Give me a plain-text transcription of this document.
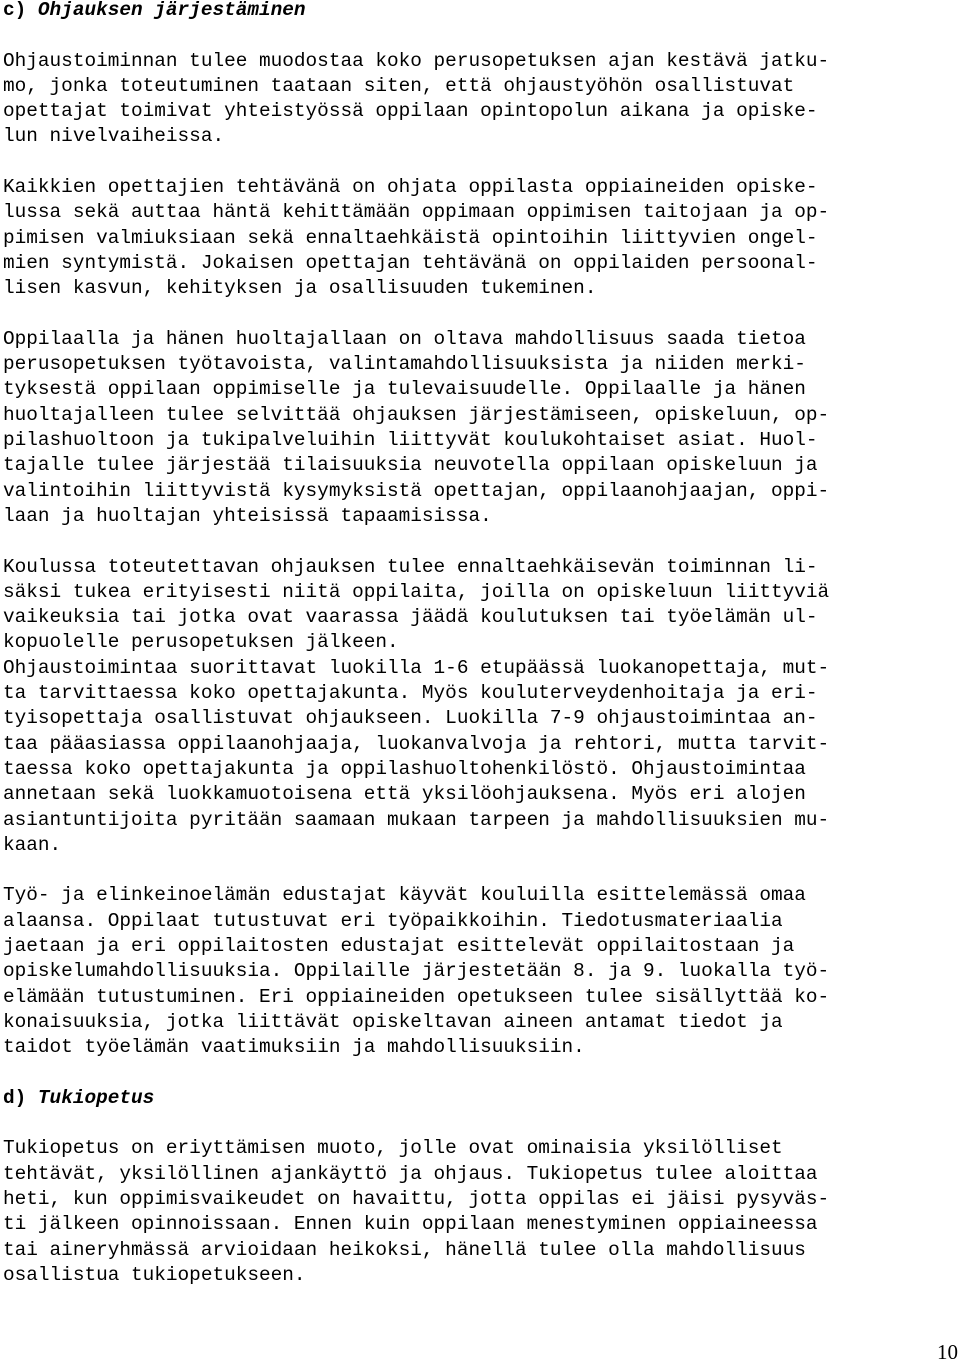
c) Ohjauksen järjestäminen
Ohjaustoiminnan tulee muodostaa koko perusopetuksen ajan kestävä jatku-
mo, jonka toteutuminen taataan siten, että ohjaustyöhön osallistuvat
opettajat toimivat yhteistyössä oppilaan opintopolun aikana ja opiske-
lun nivelvaiheissa.
Kaikkien opettajien tehtävänä on ohjata oppilasta oppiaineiden opiske-
lussa sekä auttaa häntä kehittämään oppimaan oppimisen taitojaan ja op-
pimisen valmiuksiaan sekä ennaltaehkäistä opintoihin liittyvien ongel-
mien syntymistä. Jokaisen opettajan tehtävänä on oppilaiden persoonal-
lisen kasvun, kehityksen ja osallisuuden tukeminen.
Oppilaalla ja hänen huoltajallaan on oltava mahdollisuus saada tietoa
perusopetuksen työtavoista, valintamahdollisuuksista ja niiden merki-
tyksestä oppilaan oppimiselle ja tulevaisuudelle. Oppilaalle ja hänen
huoltajalleen tulee selvittää ohjauksen järjestämiseen, opiskeluun, op-
pilashuoltoon ja tukipalveluihin liittyvät koulukohtaiset asiat. Huol-
tajalle tulee järjestää tilaisuuksia neuvotella oppilaan opiskeluun ja
valintoihin liittyvistä kysymyksistä opettajan, oppilaanohjaajan, oppi-
laan ja huoltajan yhteisissä tapaamisissa.
Koulussa toteutettavan ohjauksen tulee ennaltaehkäisevän toiminnan li-
säksi tukea erityisesti niitä oppilaita, joilla on opiskeluun liittyviä
vaikeuksia tai jotka ovat vaarassa jäädä koulutuksen tai työelämän ul-
kopuolelle perusopetuksen jälkeen.
Ohjaustoimintaa suorittavat luokilla 1-6 etupäässä luokanopettaja, mut-
ta tarvittaessa koko opettajakunta. Myös kouluterveydenhoitaja ja eri-
tyisopettaja osallistuvat ohjaukseen. Luokilla 7-9 ohjaustoimintaa an-
taa pääasiassa oppilaanohjaaja, luokanvalvoja ja rehtori, mutta tarvit-
taessa koko opettajakunta ja oppilashuoltohenkilöstö. Ohjaustoimintaa
annetaan sekä luokkamuotoisena että yksilöohjauksena. Myös eri alojen
asiantuntijoita pyritään saamaan mukaan tarpeen ja mahdollisuuksien mu-
kaan.
Työ- ja elinkeinoelämän edustajat käyvät kouluilla esittelemässä omaa
alaansa. Oppilaat tutustuvat eri työpaikkoihin. Tiedotusmateriaalia
jaetaan ja eri oppilaitosten edustajat esittelevät oppilaitostaan ja
opiskelumahdollisuuksia. Oppilaille järjestetään 8. ja 9. luokalla työ-
elämään tutustuminen. Eri oppiaineiden opetukseen tulee sisällyttää ko-
konaisuuksia, jotka liittävät opiskeltavan aineen antamat tiedot ja
taidot työelämän vaatimuksiin ja mahdollisuuksiin.
d) Tukiopetus
Tukiopetus on eriyttämisen muoto, jolle ovat ominaisia yksilölliset
tehtävät, yksilöllinen ajankäyttö ja ohjaus. Tukiopetus tulee aloittaa
heti, kun oppimisvaikeudet on havaittu, jotta oppilas ei jäisi pysyväs-
ti jälkeen opinnoissaan. Ennen kuin oppilaan menestyminen oppiaineessa
tai aineryhmässä arvioidaan heikoksi, hänellä tulee olla mahdollisuus
osallistua tukiopetukseen.
10
